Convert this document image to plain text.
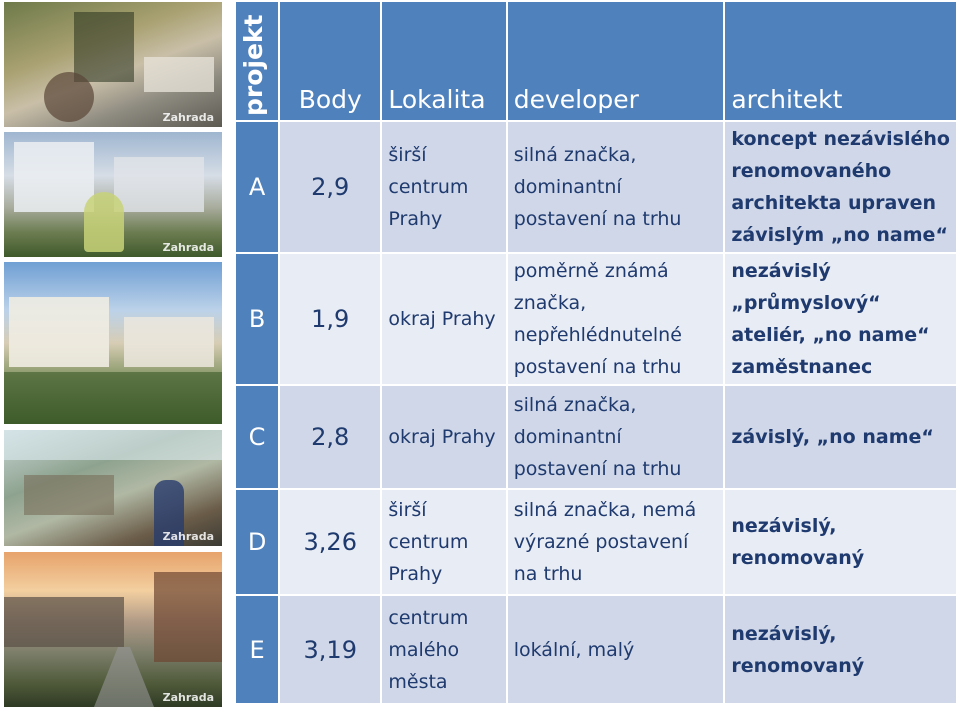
Zahrada
Zahrada
Zahrada
Zahrada
projekt	Body	Lokalita	developer	architekt
A	2,9	širší centrum Prahy	silná značka, dominantní postavení na trhu	koncept nezávislého renomovaného architekta upraven závislým „no name“
B	1,9	okraj Prahy	poměrně známá značka, nepřehlédnutelné postavení na trhu	nezávislý „průmyslový“ ateliér, „no name“ zaměstnanec
C	2,8	okraj Prahy	silná značka, dominantní postavení na trhu	závislý, „no name“
D	3,26	širší centrum Prahy	silná značka, nemá výrazné postavení na trhu	nezávislý, renomovaný
E	3,19	centrum malého města	lokální, malý	nezávislý, renomovaný
